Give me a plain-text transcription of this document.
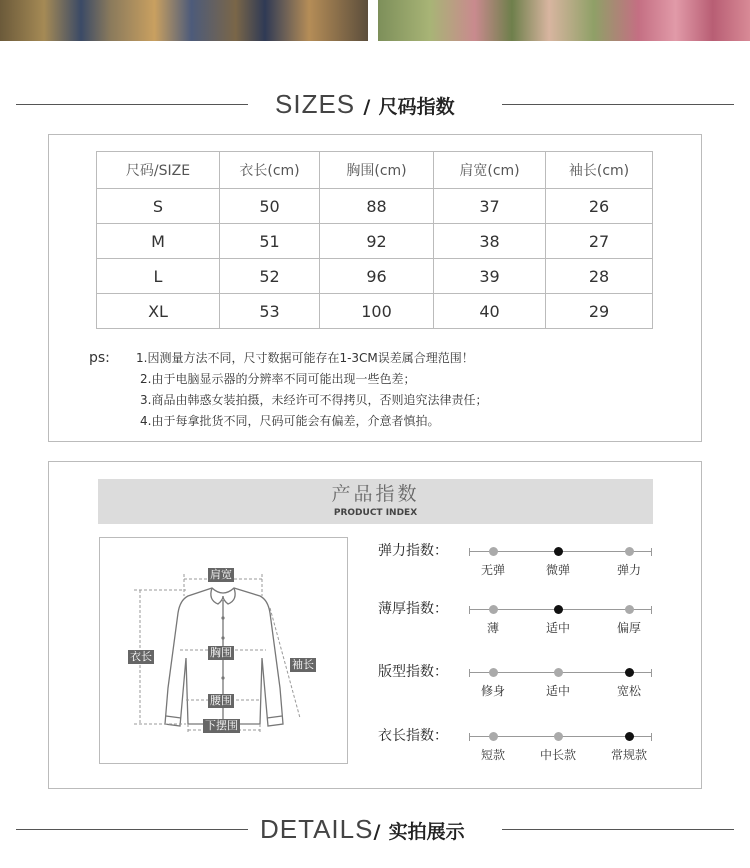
SIZES / 尺码指数
尺码/SIZE	衣长(cm)	胸围(cm)	肩宽(cm)	袖长(cm)
S	50	88	37	26
M	51	92	38	27
L	52	96	39	28
XL	53	100	40	29
ps: 1.因测量方法不同，尺寸数据可能存在1-3CM误差属合理范围！
2.由于电脑显示器的分辨率不同可能出现一些色差；
3.商品由韩惑女装拍摄，未经许可不得拷贝，否则追究法律责任；
4.由于每拿批货不同，尺码可能会有偏差，介意者慎拍。
产品指数
PRODUCT INDEX
肩宽
衣长	胸围
袖长
腰围
下摆围
弹力指数：
无弹	微弹	弹力
薄厚指数：
薄	适中	偏厚
版型指数：
修身	适中	宽松
衣长指数：
短款	中长款	常规款
DETAILS/ 实拍展示
